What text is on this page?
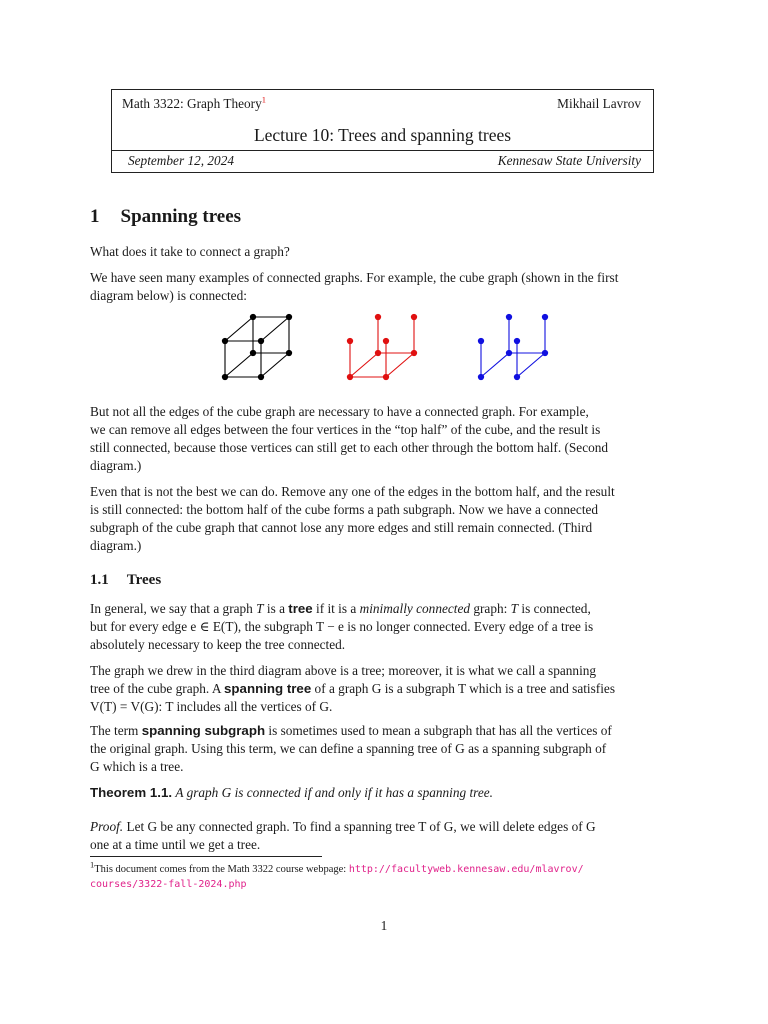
Math 3322: Graph Theory$^1$	Mikhail Lavrov
Lecture 10: Trees and spanning trees
September 12, 2024	Kennesaw State University
1 Spanning trees

What does it take to connect a graph?

We have seen many examples of connected graphs. For example, the cube graph (shown in the first
diagram below) is connected:

But not all the edges of the cube graph are necessary to have a connected graph. For example,
we can remove all edges between the four vertices in the “top half” of the cube, and the result is
still connected, because those vertices can still get to each other through the bottom half. (Second
diagram.)

Even that is not the best we can do. Remove any one of the edges in the bottom half, and the result
is still connected: the bottom half of the cube forms a path subgraph. Now we have a connected
subgraph of the cube graph that cannot lose any more edges and still remain connected. (Third
diagram.)

1.1 Trees

In general, we say that a graph T is a tree if it is a minimally connected graph: T is connected,
but for every edge e ∈ E(T), the subgraph T − e is no longer connected. Every edge of a tree is
absolutely necessary to keep the tree connected.

The graph we drew in the third diagram above is a tree; moreover, it is what we call a spanning
tree of the cube graph. A spanning tree of a graph G is a subgraph T which is a tree and satisfies
V(T) = V(G): T includes all the vertices of G.

The term spanning subgraph is sometimes used to mean a subgraph that has all the vertices of
the original graph. Using this term, we can define a spanning tree of G as a spanning subgraph of
G which is a tree.

Theorem 1.1. A graph G is connected if and only if it has a spanning tree.

Proof. Let G be any connected graph. To find a spanning tree T of G, we will delete edges of G
one at a time until we get a tree.

$^1$This document comes from the Math 3322 course webpage: http://facultyweb.kennesaw.edu/mlavrov/
courses/3322-fall-2024.php
1
